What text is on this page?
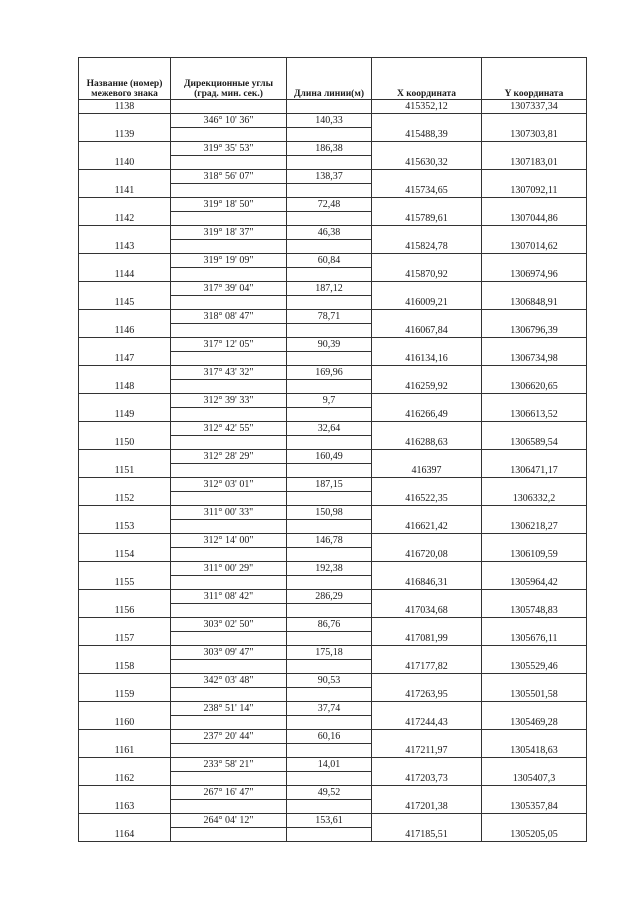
Название (номер) межевого знака	Дирекционные углы (град. мин. сек.)	Длина линии(м)	X координата	Y координата
1138			415352,12	1307337,34
	346° 10' 36"	140,33		
1139			415488,39	1307303,81
	319° 35' 53"	186,38		
1140			415630,32	1307183,01
	318° 56' 07"	138,37		
1141			415734,65	1307092,11
	319° 18' 50"	72,48		
1142			415789,61	1307044,86
	319° 18' 37"	46,38		
1143			415824,78	1307014,62
	319° 19' 09"	60,84		
1144			415870,92	1306974,96
	317° 39' 04"	187,12		
1145			416009,21	1306848,91
	318° 08' 47"	78,71		
1146			416067,84	1306796,39
	317° 12' 05"	90,39		
1147			416134,16	1306734,98
	317° 43' 32"	169,96		
1148			416259,92	1306620,65
	312° 39' 33"	9,7		
1149			416266,49	1306613,52
	312° 42' 55"	32,64		
1150			416288,63	1306589,54
	312° 28' 29"	160,49		
1151			416397	1306471,17
	312° 03' 01"	187,15		
1152			416522,35	1306332,2
	311° 00' 33"	150,98		
1153			416621,42	1306218,27
	312° 14' 00"	146,78		
1154			416720,08	1306109,59
	311° 00' 29"	192,38		
1155			416846,31	1305964,42
	311° 08' 42"	286,29		
1156			417034,68	1305748,83
	303° 02' 50"	86,76		
1157			417081,99	1305676,11
	303° 09' 47"	175,18		
1158			417177,82	1305529,46
	342° 03' 48"	90,53		
1159			417263,95	1305501,58
	238° 51' 14"	37,74		
1160			417244,43	1305469,28
	237° 20' 44"	60,16		
1161			417211,97	1305418,63
	233° 58' 21"	14,01		
1162			417203,73	1305407,3
	267° 16' 47"	49,52		
1163			417201,38	1305357,84
	264° 04' 12"	153,61		
1164			417185,51	1305205,05
